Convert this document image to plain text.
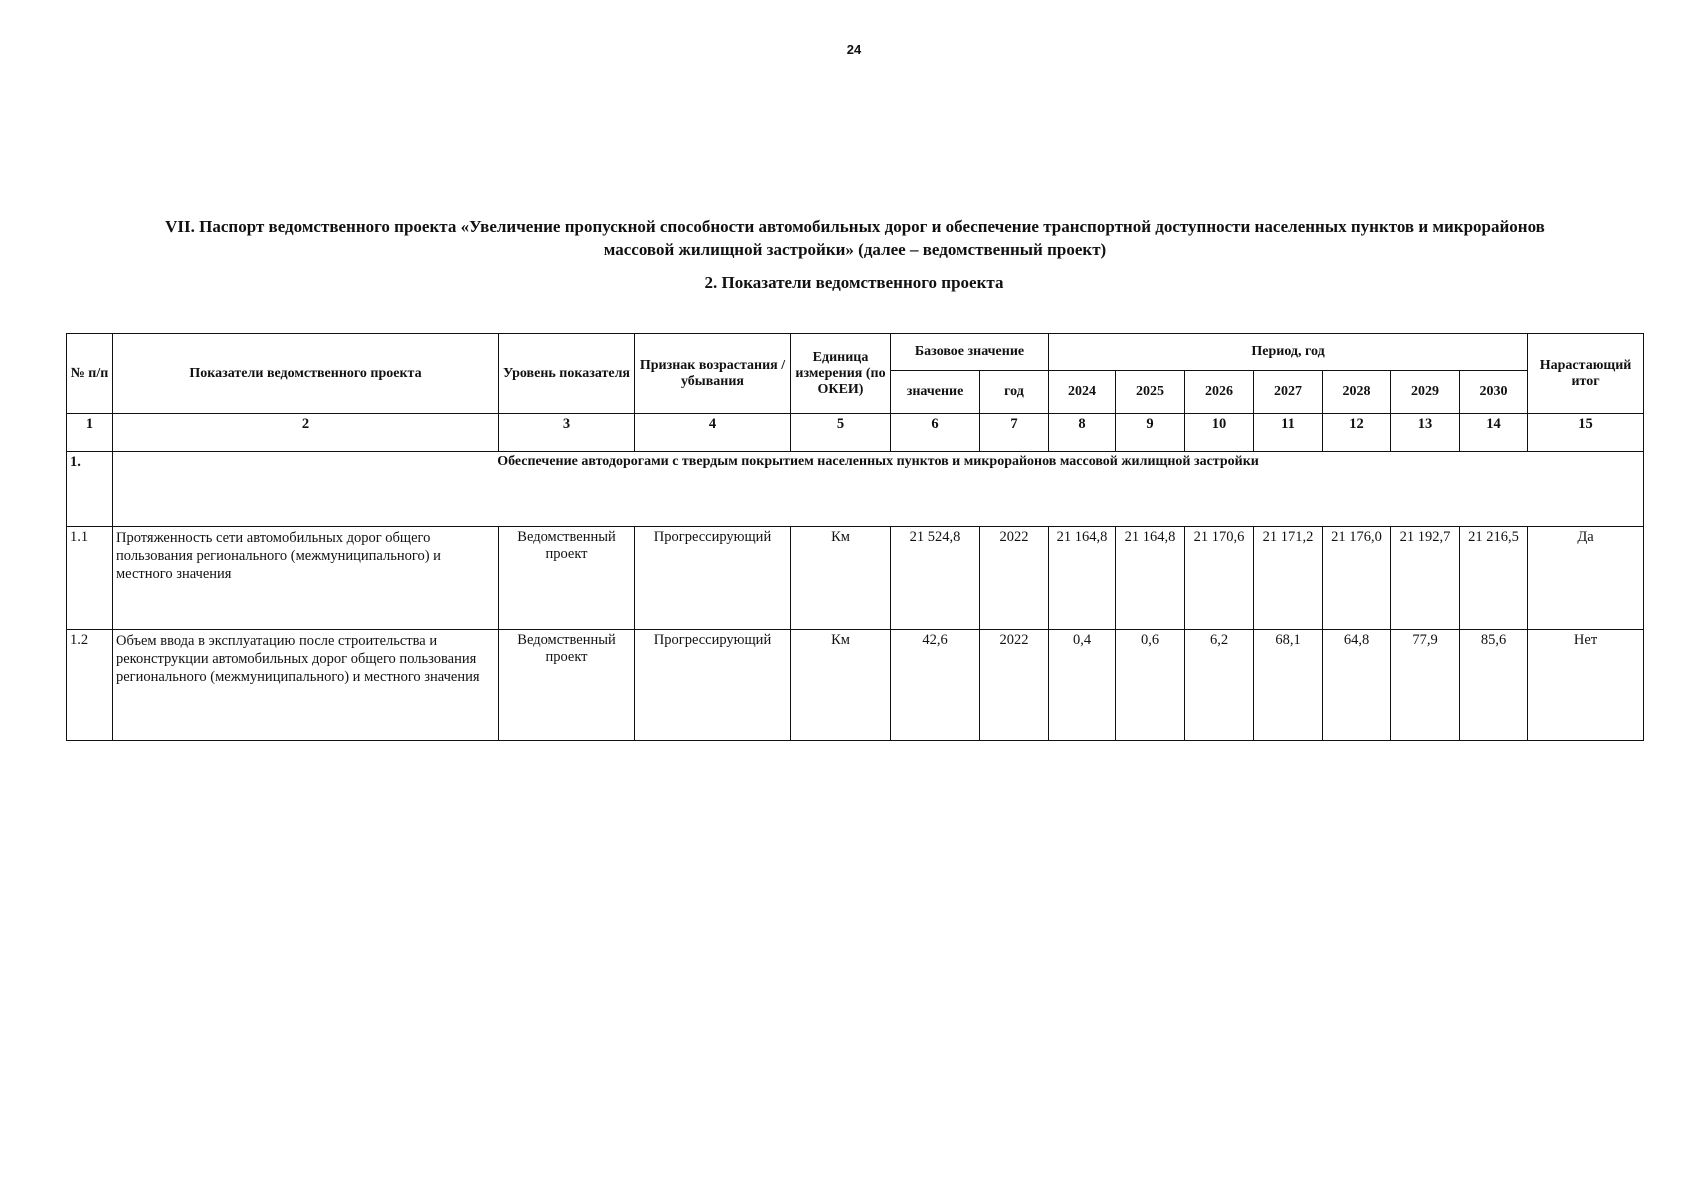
24
VII. Паспорт ведомственного проекта «Увеличение пропускной способности автомобильных дорог и обеспечение транспортной доступности населенных пунктов и микрорайонов массовой жилищной застройки» (далее – ведомственный проект)
2. Показатели ведомственного проекта
№ п/п	Показатели ведомственного проекта	Уровень показателя	Признак возрастания / убывания	Единица измерения (по ОКЕИ)	Базовое значение		Период, год							Нарастающий итог
					значение	год	2024	2025	2026	2027	2028	2029	2030	
1	2	3	4	5	6	7	8	9	10	11	12	13	14	15
1.	Обеспечение автодорогами с твердым покрытием населенных пунктов и микрорайонов массовой жилищной застройки													
1.1	Протяженность сети автомобильных дорог общего пользования регионального (межмуниципального) и местного значения	Ведомственный проект	Прогрессирующий	Км	21 524,8	2022	21 164,8	21 164,8	21 170,6	21 171,2	21 176,0	21 192,7	21 216,5	Да
1.2	Объем ввода в эксплуатацию после строительства и реконструкции автомобильных дорог общего пользования регионального (межмуниципального) и местного значения	Ведомственный проект	Прогрессирующий	Км	42,6	2022	0,4	0,6	6,2	68,1	64,8	77,9	85,6	Нет
